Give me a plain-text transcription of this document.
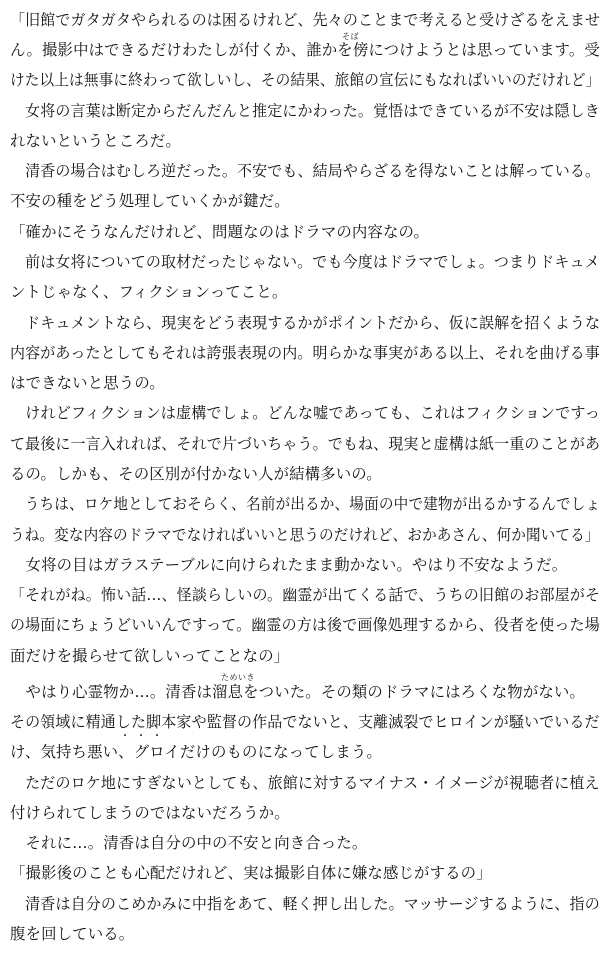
「旧館でガタガタやられるのは困るけれど、先々のことまで考えると受けざるをえませ
ん。撮影中はできるだけわたしが付くか、誰かを傍につけようとは思っています。受
けた以上は無事に終わって欲しいし、その結果、旅館の宣伝にもなればいいのだけれど」
　女将の言葉は断定からだんだんと推定にかわった。覚悟はできているが不安は隠しき
れないというところだ。
　清香の場合はむしろ逆だった。不安でも、結局やらざるを得ないことは解っている。
不安の種をどう処理していくかが鍵だ。
「確かにそうなんだけれど、問題なのはドラマの内容なの。
　前は女将についての取材だったじゃない。でも今度はドラマでしょ。つまりドキュメ
ントじゃなく、フィクションってこと。
　ドキュメントなら、現実をどう表現するかがポイントだから、仮に誤解を招くような
内容があったとしてもそれは誇張表現の内。明らかな事実がある以上、それを曲げる事
はできないと思うの。
　けれどフィクションは虚構でしょ。どんな嘘であっても、これはフィクションですっ
て最後に一言入れれば、それで片づいちゃう。でもね、現実と虚構は紙一重のことがあ
るの。しかも、その区別が付かない人が結構多いの。
　うちは、ロケ地としておそらく、名前が出るか、場面の中で建物が出るかするんでしょ
うね。変な内容のドラマでなければいいと思うのだけれど、おかあさん、何か聞いてる」
　女将の目はガラステーブルに向けられたまま動かない。やはり不安なようだ。
「それがね。怖い話…、怪談らしいの。幽霊が出てくる話で、うちの旧館のお部屋がそ
の場面にちょうどいいんですって。幽霊の方は後で画像処理するから、役者を使った場
面だけを撮らせて欲しいってことなの」
　やはり心霊物か…。清香は溜息をついた。その類のドラマにはろくな物がない。
その領域に精通した脚本家や監督の作品でないと、支離滅裂でヒロインが騒いでいるだ
け、気持ち悪い、グロイだけのものになってしまう。
　ただのロケ地にすぎないとしても、旅館に対するマイナス・イメージが視聴者に植え
付けられてしまうのではないだろうか。
　それに…。清香は自分の中の不安と向き合った。
「撮影後のことも心配だけれど、実は撮影自体に嫌な感じがするの」
　清香は自分のこめかみに中指をあて、軽く押し出した。マッサージするように、指の
腹を回している。
そば
ためいき
・・・
